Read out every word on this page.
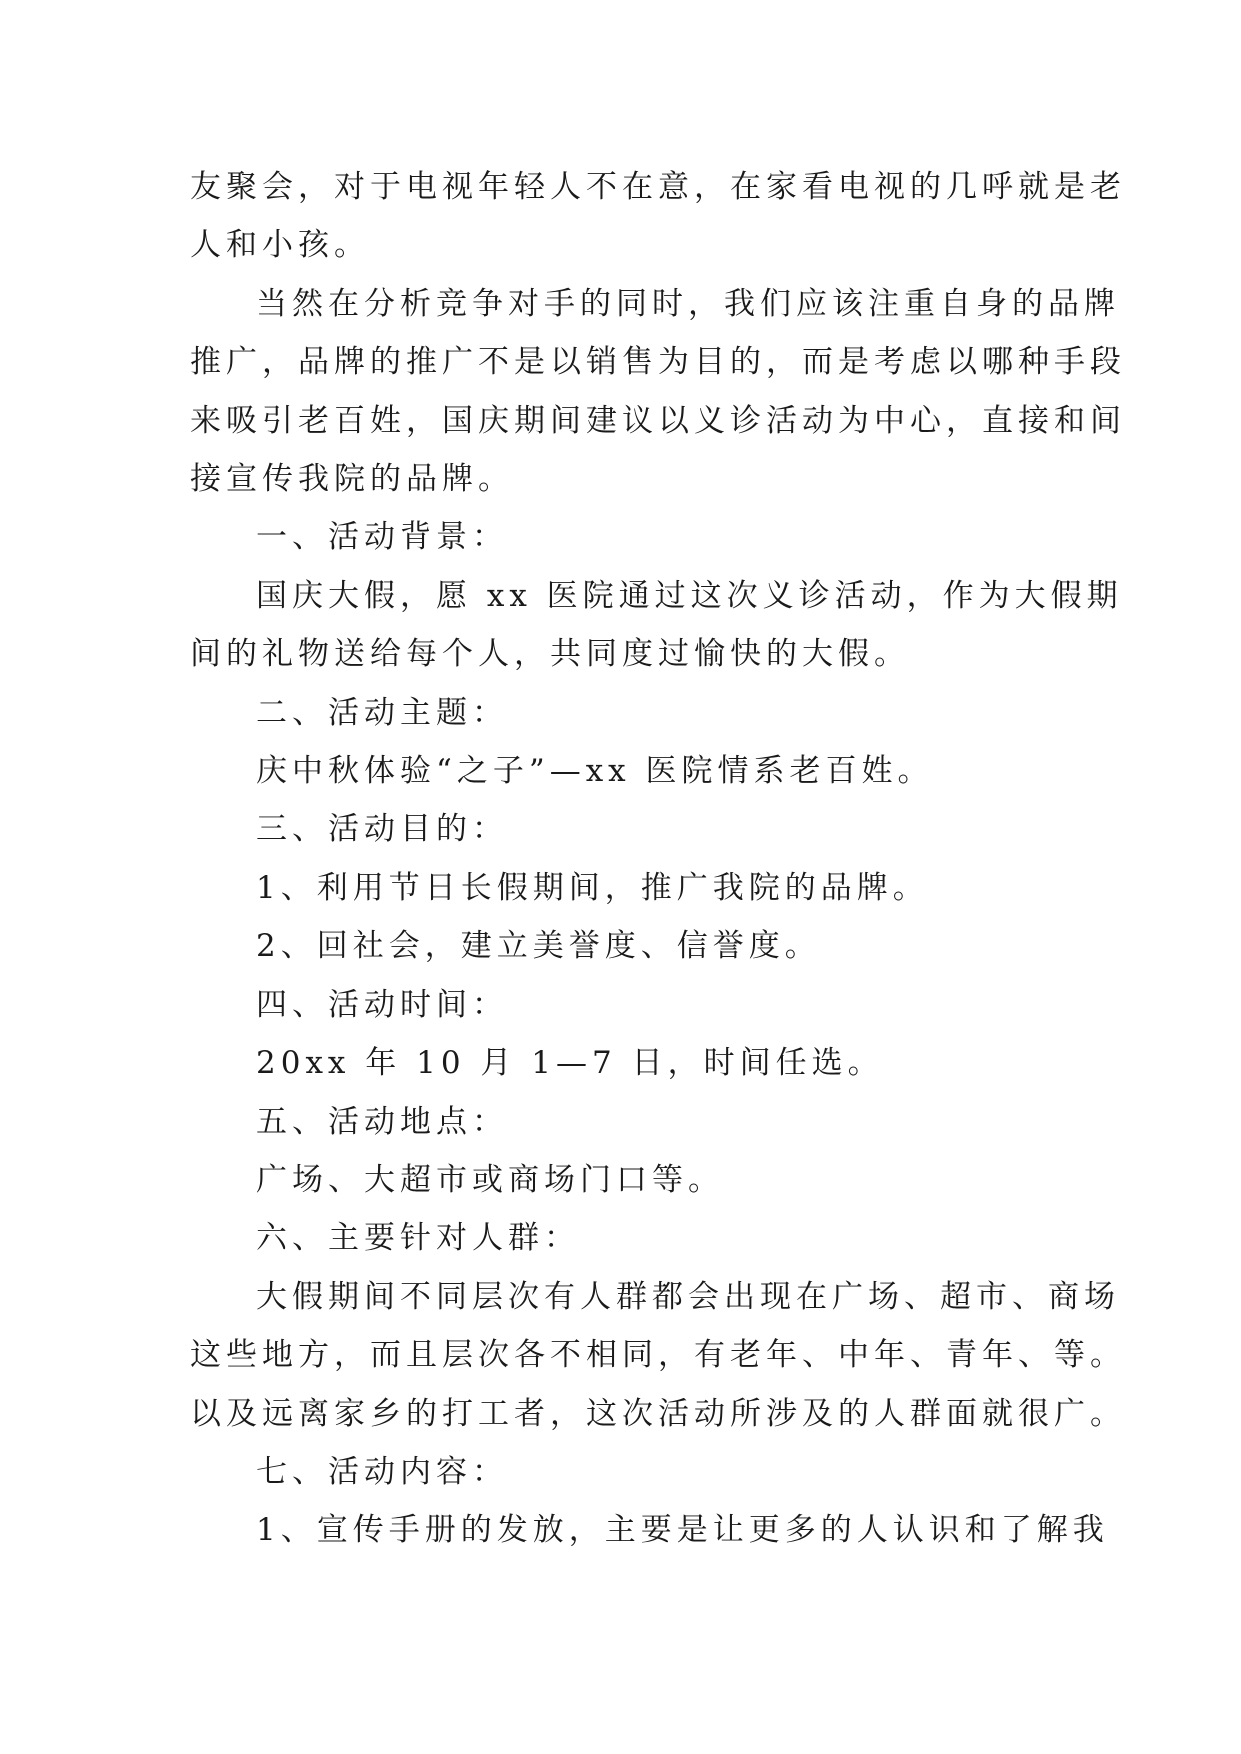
友聚会，对于电视年轻人不在意，在家看电视的几呼就是老

人和小孩。

当然在分析竞争对手的同时，我们应该注重自身的品牌

推广，品牌的推广不是以销售为目的，而是考虑以哪种手段

来吸引老百姓，国庆期间建议以义诊活动为中心，直接和间

接宣传我院的品牌。

一、活动背景：

国庆大假，愿 xx 医院通过这次义诊活动，作为大假期

间的礼物送给每个人，共同度过愉快的大假。

二、活动主题：

庆中秋体验“之子”—xx 医院情系老百姓。

三、活动目的：

1、利用节日长假期间，推广我院的品牌。

2、回社会，建立美誉度、信誉度。

四、活动时间：

20xx 年 10 月 1—7 日，时间任选。

五、活动地点：

广场、大超市或商场门口等。

六、主要针对人群：

大假期间不同层次有人群都会出现在广场、超市、商场

这些地方，而且层次各不相同，有老年、中年、青年、等。

以及远离家乡的打工者，这次活动所涉及的人群面就很广。

七、活动内容：

1、宣传手册的发放，主要是让更多的人认识和了解我
